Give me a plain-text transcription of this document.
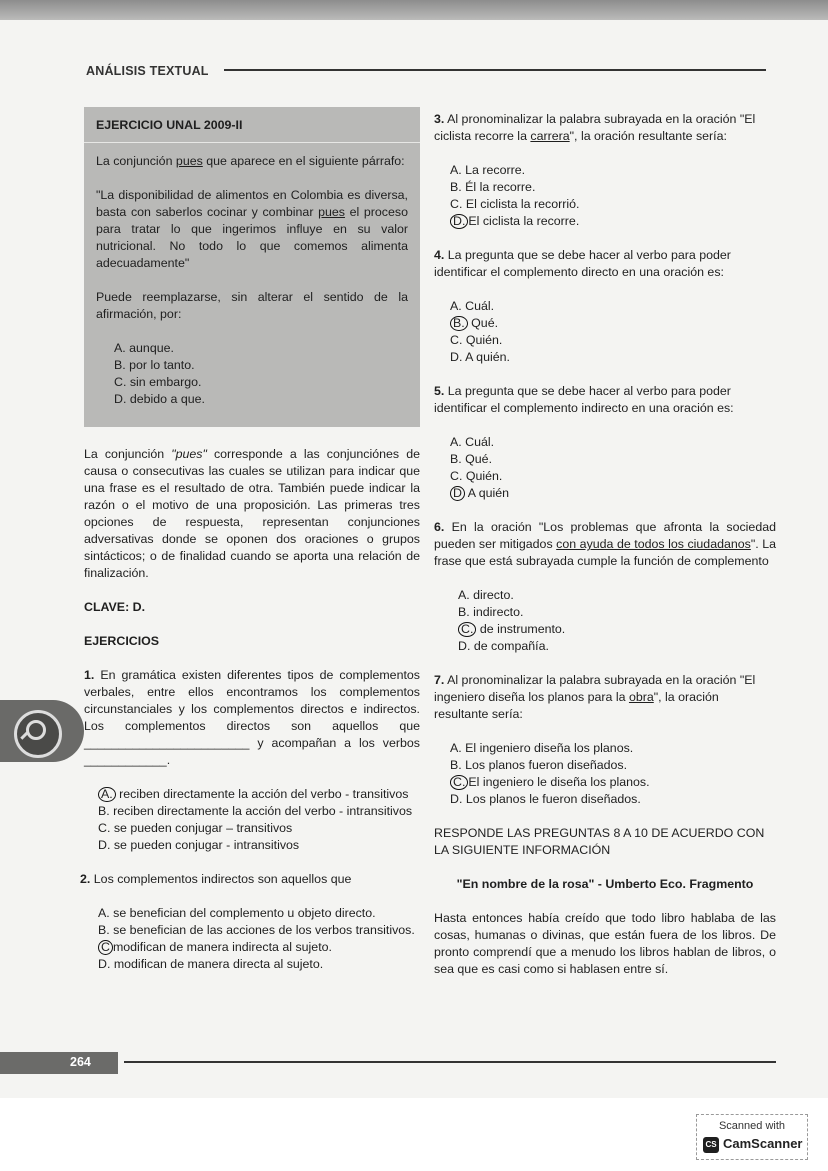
ANÁLISIS TEXTUAL

EJERCICIO UNAL 2009-II

La conjunción pues que aparece en el siguiente párrafo:

"La disponibilidad de alimentos en Colombia es diversa, basta con saberlos cocinar y combinar pues el proceso para tratar lo que ingerimos influye en su valor nutricional. No todo lo que comemos alimenta adecuadamente"

Puede reemplazarse, sin alterar el sentido de la afirmación, por:

A. aunque.

B. por lo tanto.

C. sin embargo.

D. debido a que.

La conjunción "pues" corresponde a las conjunciónes de causa o consecutivas las cuales se utilizan para indicar que una frase es el resultado de otra. También puede indicar la razón o el motivo de una proposición. Las primeras tres opciones de respuesta, representan conjunciones adversativas donde se oponen dos oraciones o grupos sintácticos; o de finalidad cuando se aporta una relación de finalización.

CLAVE: D.

EJERCICIOS

1. En gramática existen diferentes tipos de complementos verbales, entre ellos encontramos los complementos circunstanciales y los complementos directos e indirectos. Los complementos directos son aquellos que ________________________ y acompañan a los verbos ____________.

A. reciben directamente la acción del verbo - transitivos

B. reciben directamente la acción del verbo - intransitivos

C. se pueden conjugar – transitivos

D. se pueden conjugar - intransitivos

2. Los complementos indirectos son aquellos que

A. se benefician del complemento u objeto directo.

B. se benefician de las acciones de los verbos transitivos.

C modifican de manera indirecta al sujeto.

D. modifican de manera directa al sujeto.

3. Al pronominalizar la palabra subrayada en la oración "El ciclista recorre la carrera", la oración resultante sería:

A. La recorre.

B. Él la recorre.

C. El ciclista la recorrió.

D. El ciclista la recorre.

4. La pregunta que se debe hacer al verbo para poder identificar el complemento directo en una oración es:

A. Cuál.

B. Qué.

C. Quién.

D. A quién.

5. La pregunta que se debe hacer al verbo para poder identificar el complemento indirecto en una oración es:

A. Cuál.

B. Qué.

C. Quién.

D A quién

6. En la oración "Los problemas que afronta la sociedad pueden ser mitigados con ayuda de todos los ciudadanos". La frase que está subrayada cumple la función de complemento

A. directo.

B. indirecto.

C. de instrumento.

D. de compañía.

7. Al pronominalizar la palabra subrayada en la oración "El ingeniero diseña los planos para la obra", la oración resultante sería:

A. El ingeniero diseña los planos.

B. Los planos fueron diseñados.

C. El ingeniero le diseña los planos.

D. Los planos le fueron diseñados.

RESPONDE LAS PREGUNTAS 8 A 10 DE ACUERDO CON LA SIGUIENTE INFORMACIÓN

"En nombre de la rosa" - Umberto Eco. Fragmento

Hasta entonces había creído que todo libro hablaba de las cosas, humanas o divinas, que están fuera de los libros. De pronto comprendí que a menudo los libros hablan de libros, o sea que es casi como si hablasen entre sí.

264
Scanned with
CS CamScanner
